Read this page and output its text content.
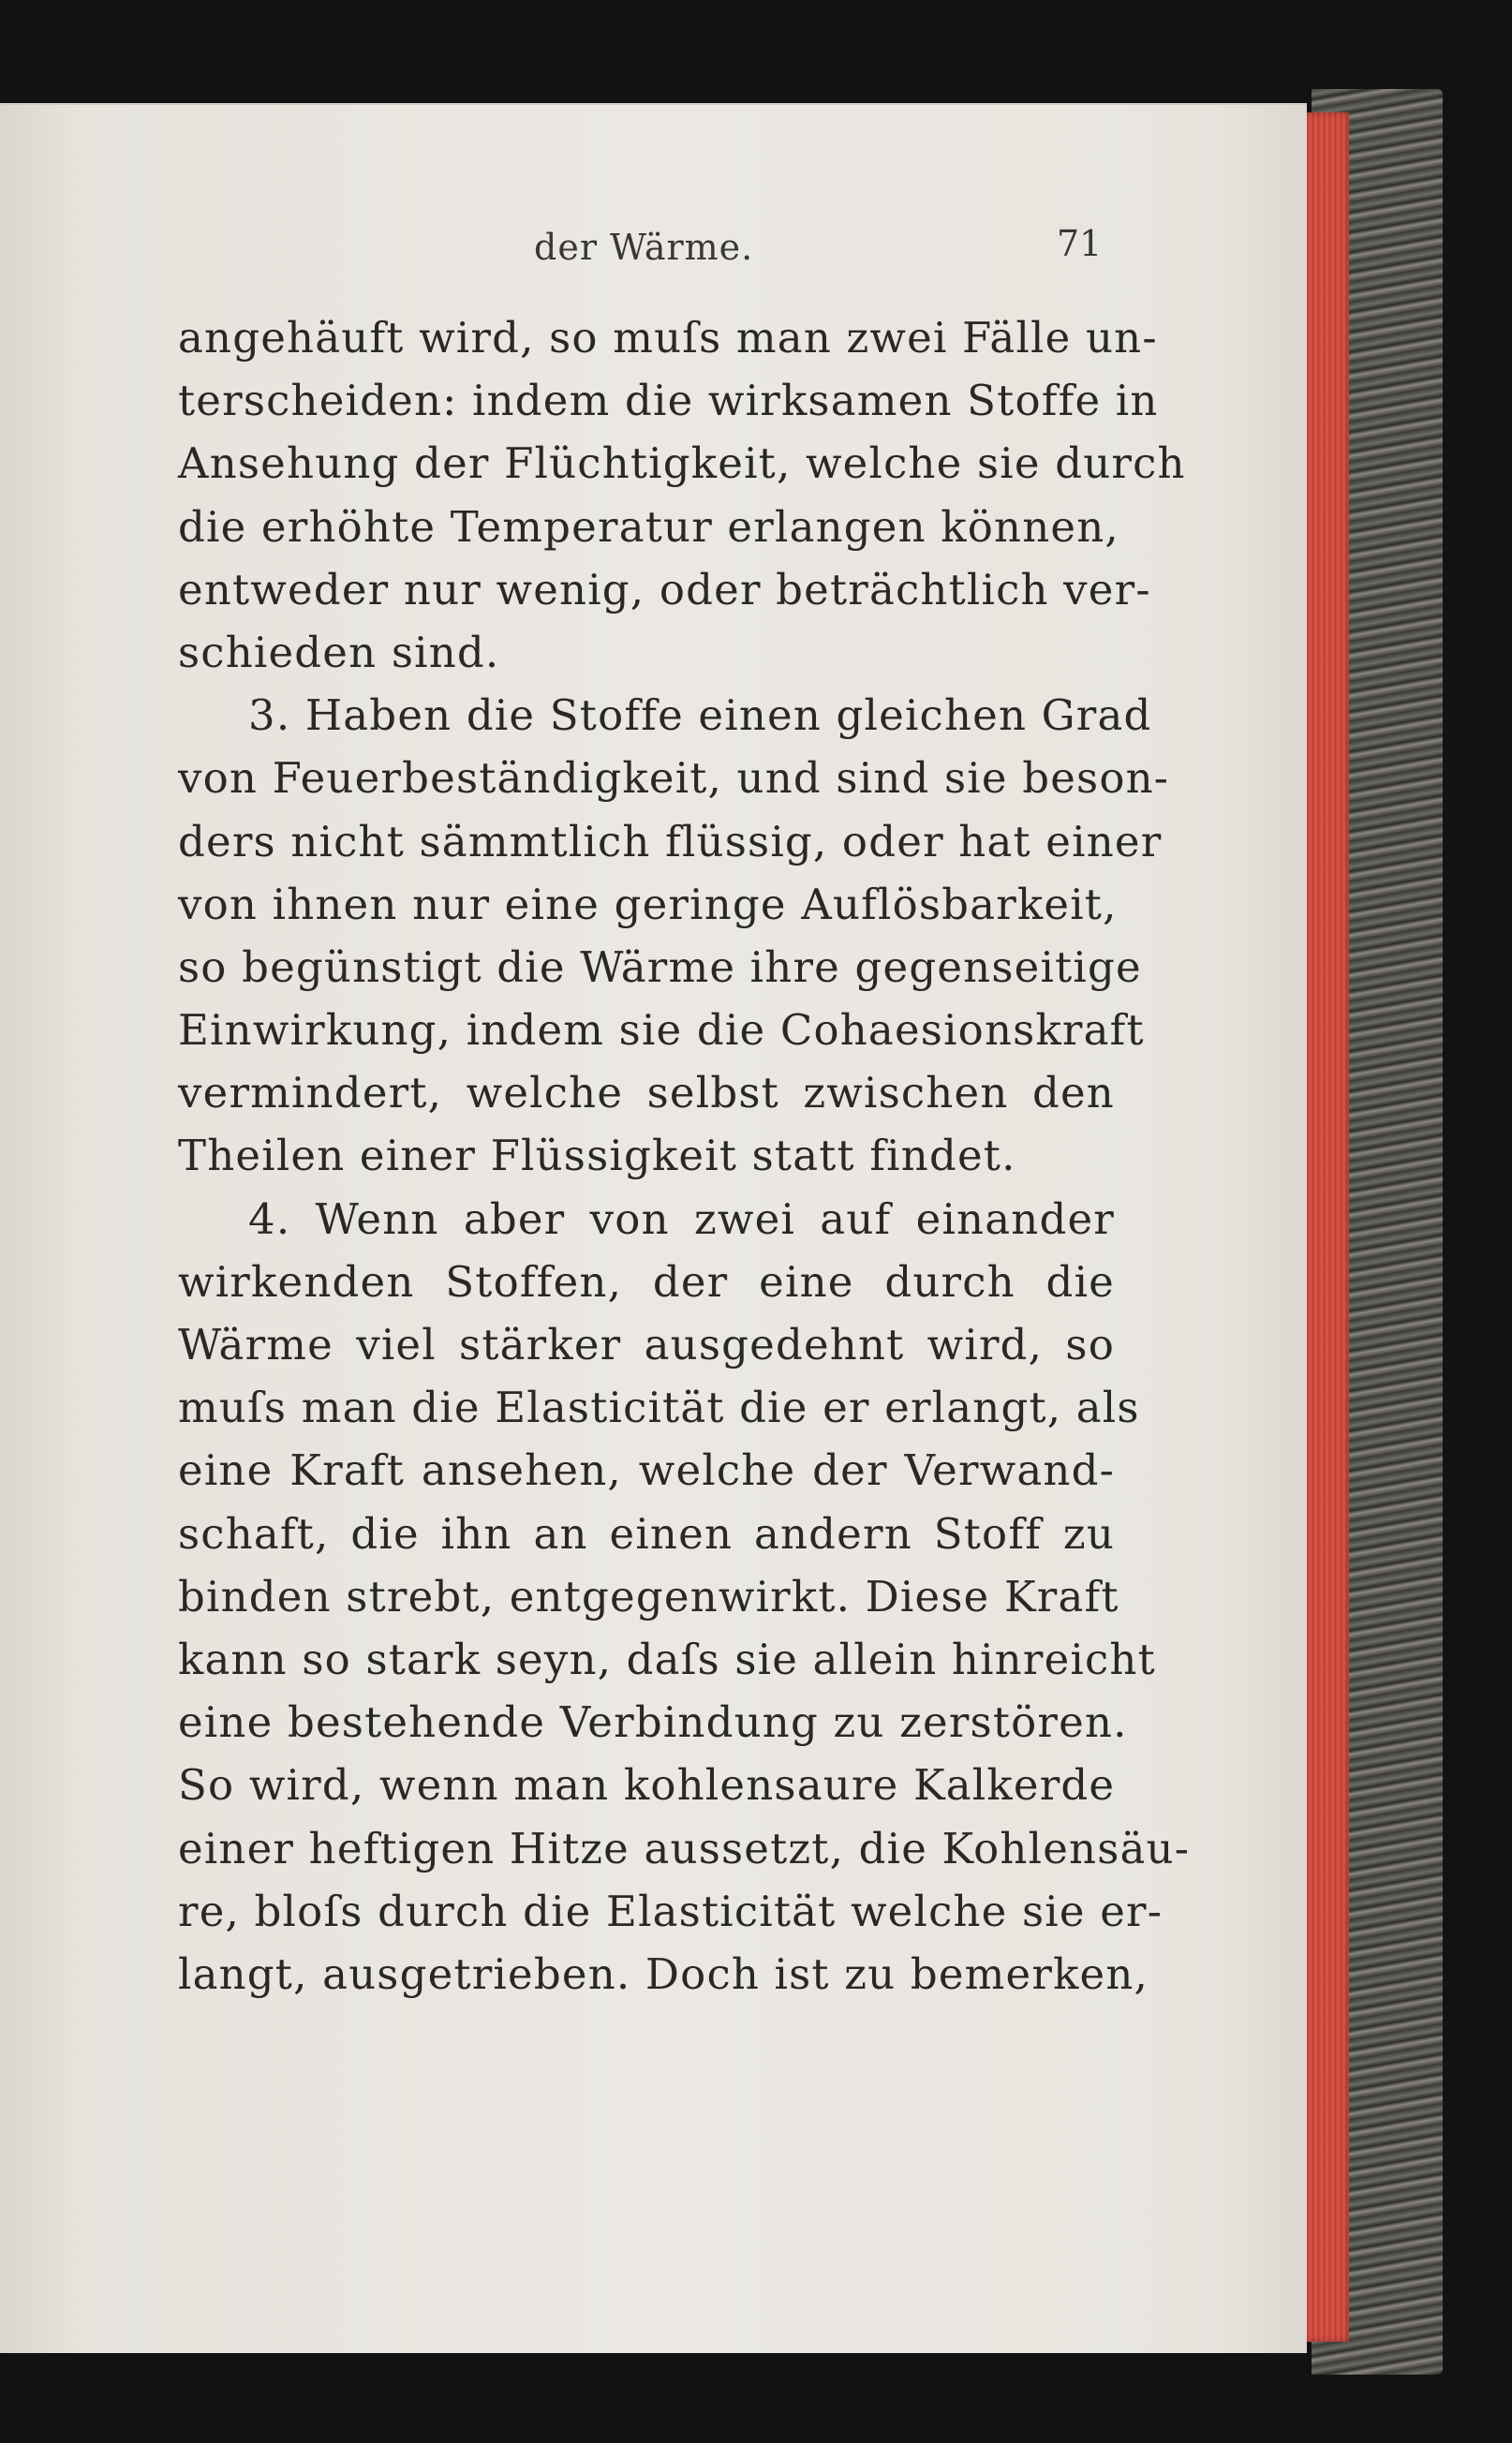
der Wärme.	71
angehäuft wird, so muſs man zwei Fälle un-
terscheiden: indem die wirksamen Stoffe in
Ansehung der Flüchtigkeit, welche sie durch
die erhöhte Temperatur erlangen können,
entweder nur wenig, oder beträchtlich ver-
schieden sind.
3. Haben die Stoffe einen gleichen Grad
von Feuerbeständigkeit, und sind sie beson-
ders nicht sämmtlich flüssig, oder hat einer
von ihnen nur eine geringe Auflösbarkeit,
so begünstigt die Wärme ihre gegenseitige
Einwirkung, indem sie die Cohaesionskraft
vermindert, welche selbst zwischen den
Theilen einer Flüssigkeit statt findet.
4. Wenn aber von zwei auf einander
wirkenden Stoffen, der eine durch die
Wärme viel stärker ausgedehnt wird, so
muſs man die Elasticität die er erlangt, als
eine Kraft ansehen, welche der Verwand-
schaft, die ihn an einen andern Stoff zu
binden strebt, entgegenwirkt. Diese Kraft
kann so stark seyn, daſs sie allein hinreicht
eine bestehende Verbindung zu zerstören.
So wird, wenn man kohlensaure Kalkerde
einer heftigen Hitze aussetzt, die Kohlensäu-
re, bloſs durch die Elasticität welche sie er-
langt, ausgetrieben. Doch ist zu bemerken,
